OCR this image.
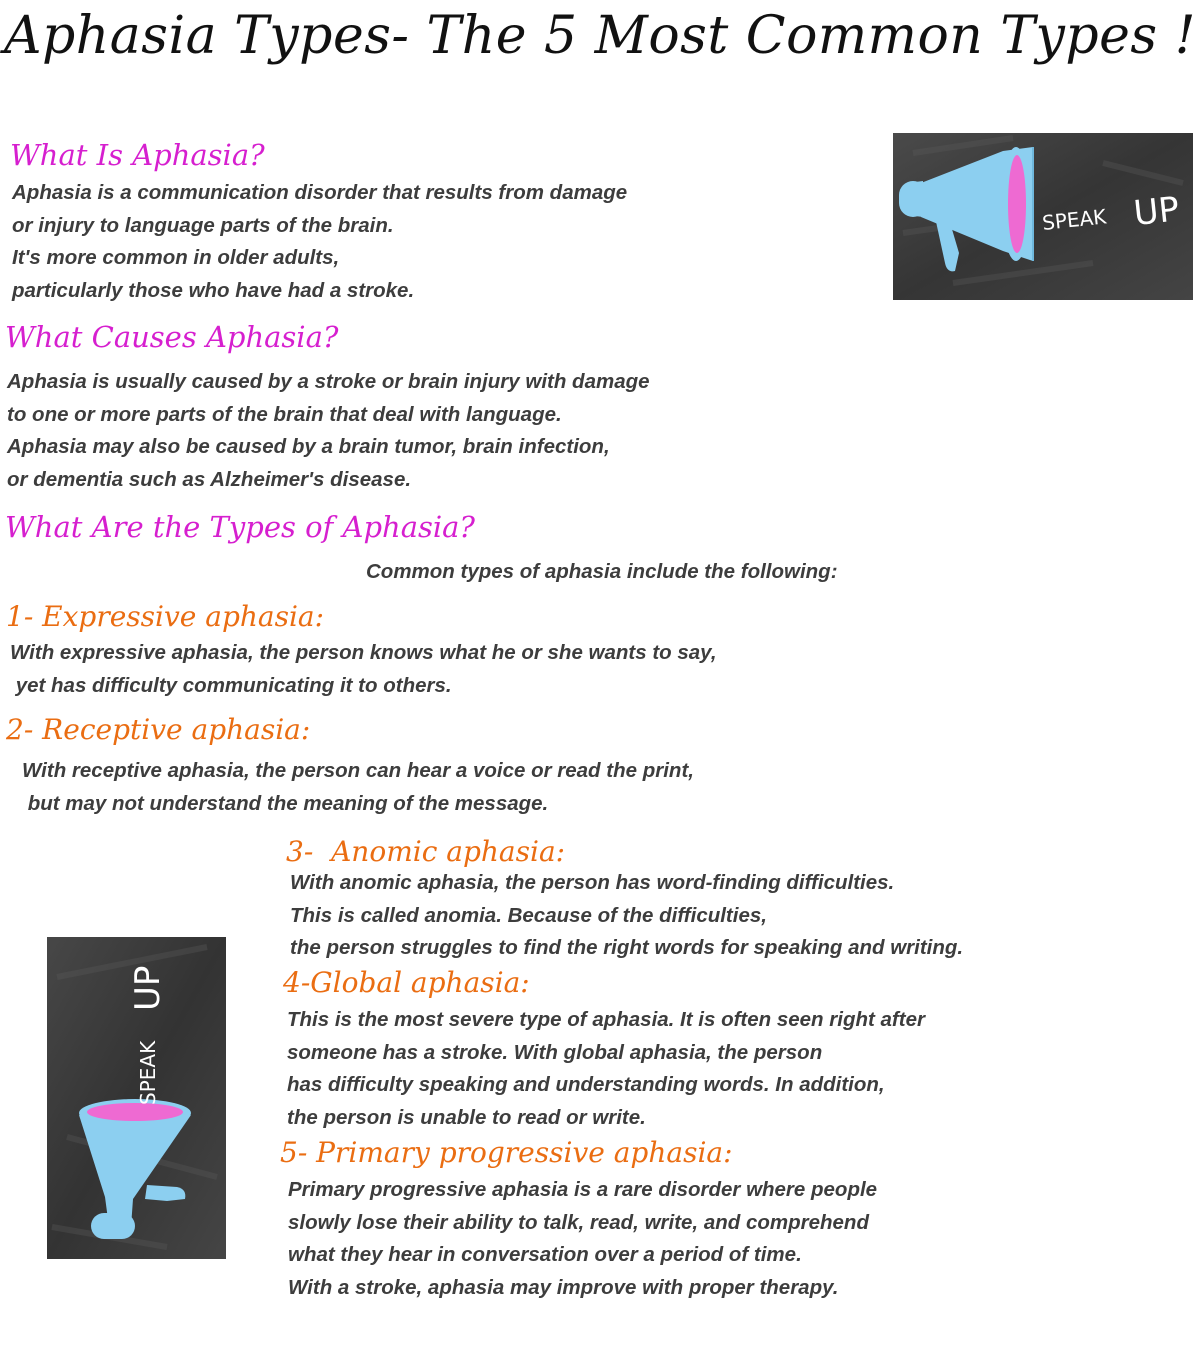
Aphasia Types- The 5 Most Common Types !
What Is Aphasia?
Aphasia is a communication disorder that results from damage
or injury to language parts of the brain.
It's more common in older adults,
particularly those who have had a stroke.
SPEAK UP
What Causes Aphasia?
Aphasia is usually caused by a stroke or brain injury with damage
to one or more parts of the brain that deal with language.
Aphasia may also be caused by a brain tumor, brain infection,
or dementia such as Alzheimer's disease.
What Are the Types of Aphasia?
Common types of aphasia include the following:
1- Expressive aphasia:
With expressive aphasia, the person knows what he or she wants to say,
yet has difficulty communicating it to others.
2- Receptive aphasia:
With receptive aphasia, the person can hear a voice or read the print,
but may not understand the meaning of the message.
SPEAK
UP
3-  Anomic aphasia:
With anomic aphasia, the person has word-finding difficulties.
This is called anomia. Because of the difficulties,
the person struggles to find the right words for speaking and writing.
4-Global aphasia:
This is the most severe type of aphasia. It is often seen right after
someone has a stroke. With global aphasia, the person
has difficulty speaking and understanding words. In addition,
the person is unable to read or write.
5- Primary progressive aphasia:
Primary progressive aphasia is a rare disorder where people
slowly lose their ability to talk, read, write, and comprehend
what they hear in conversation over a period of time.
With a stroke, aphasia may improve with proper therapy.
